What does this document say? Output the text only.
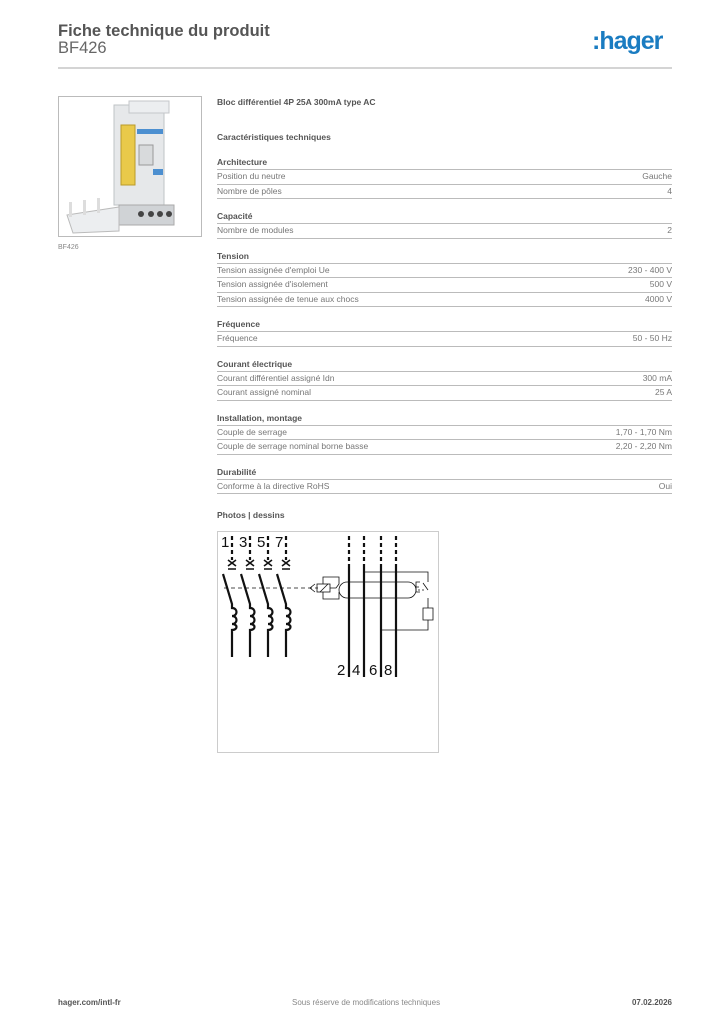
Fiche technique du produit
BF426	:hager
BF426
Bloc différentiel 4P 25A 300mA type AC
Caractéristiques techniques
Architecture
Position du neutre	Gauche
Nombre de pôles	4
Capacité
Nombre de modules	2
Tension
Tension assignée d'emploi Ue	230 - 400 V
Tension assignée d'isolement	500 V
Tension assignée de tenue aux chocs	4000 V
Fréquence
Fréquence	50 - 50 Hz
Courant électrique
Courant différentiel assigné Idn	300 mA
Courant assigné nominal	25 A
Installation, montage
Couple de serrage	1,70 - 1,70 Nm
Couple de serrage nominal borne basse	2,20 - 2,20 Nm
Durabilité
Conforme à la directive RoHS	Oui
Photos | dessins
1 3 5 7
2 4 6 8
hager.com/intl-fr	Sous réserve de modifications techniques	07.02.2026
